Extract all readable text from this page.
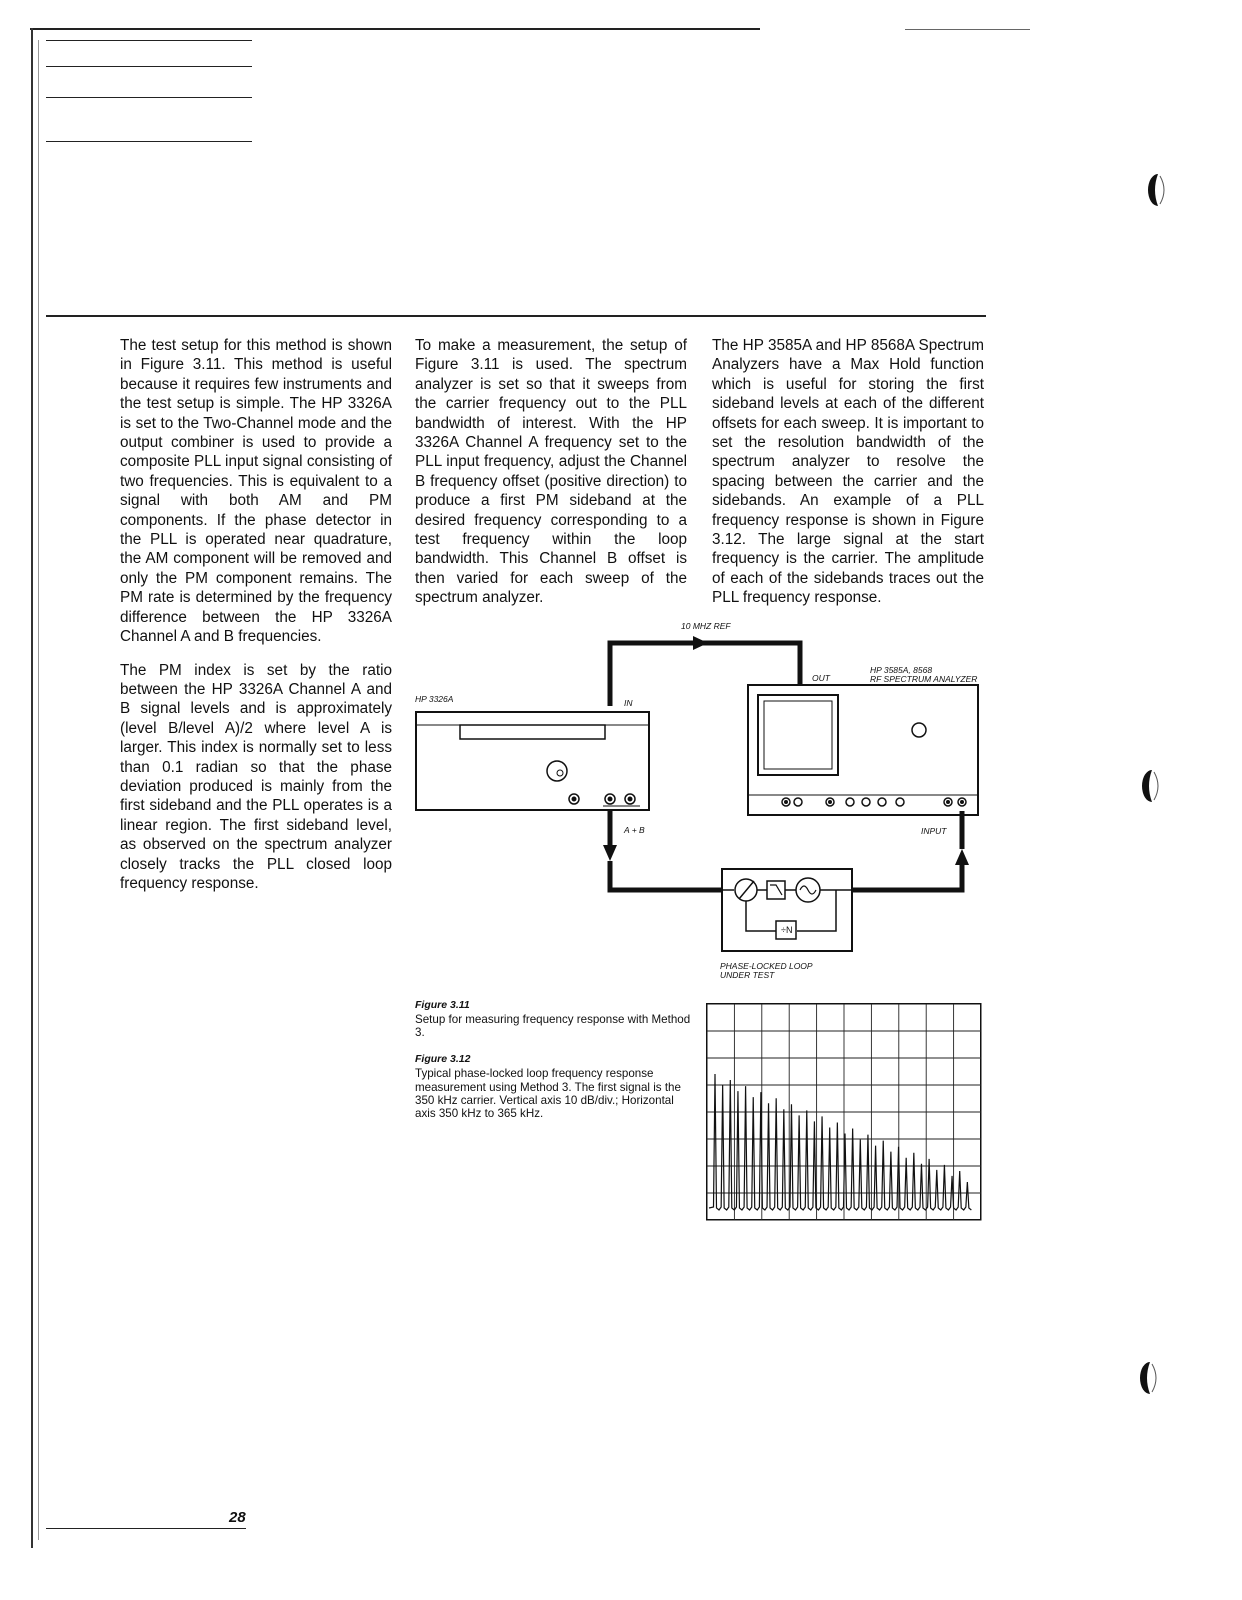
The test setup for this method is shown in Figure 3.11. This method is useful because it requires few instruments and the test setup is simple. The HP 3326A is set to the Two-Channel mode and the output combiner is used to provide a composite PLL input signal consisting of two frequencies. This is equivalent to a signal with both AM and PM components. If the phase detector in the PLL is operated near quadrature, the AM component will be removed and only the PM component remains. The PM rate is determined by the frequency difference between the HP 3326A Channel A and B frequencies.

The PM index is set by the ratio between the HP 3326A Channel A and B signal levels and is approximately (level B/level A)/2 where level A is larger. This index is normally set to less than 0.1 radian so that the phase deviation produced is mainly from the first sideband and the PLL operates is a linear region. The first sideband level, as observed on the spectrum analyzer closely tracks the PLL closed loop frequency response.

To make a measurement, the setup of Figure 3.11 is used. The spectrum analyzer is set so that it sweeps from the carrier frequency out to the PLL bandwidth of interest. With the HP 3326A Channel A frequency set to the PLL input frequency, adjust the Channel B frequency offset (positive direction) to produce a first PM sideband at the desired frequency corresponding to a test frequency within the loop bandwidth. This Channel B offset is then varied for each sweep of the spectrum analyzer.

The HP 3585A and HP 8568A Spectrum Analyzers have a Max Hold function which is useful for storing the first sideband levels at each of the different offsets for each sweep. It is important to set the resolution bandwidth of the spectrum analyzer to resolve the spacing between the carrier and the sidebands. An example of a PLL frequency response is shown in Figure 3.12. The large signal at the start frequency is the carrier. The amplitude of each of the sidebands traces out the PLL frequency response.

10 MHZ REF
OUT
IN
HP 3585A, 8568
RF SPECTRUM ANALYZER
HP 3326A
A + B	INPUT
÷N
PHASE-LOCKED LOOP
UNDER TEST
Figure 3.11
Setup for measuring frequency response with Method 3.
Figure 3.12
Typical phase-locked loop frequency response measurement using Method 3. The first signal is the 350 kHz carrier. Vertical axis 10 dB/div.; Horizontal axis 350 kHz to 365 kHz.
28
